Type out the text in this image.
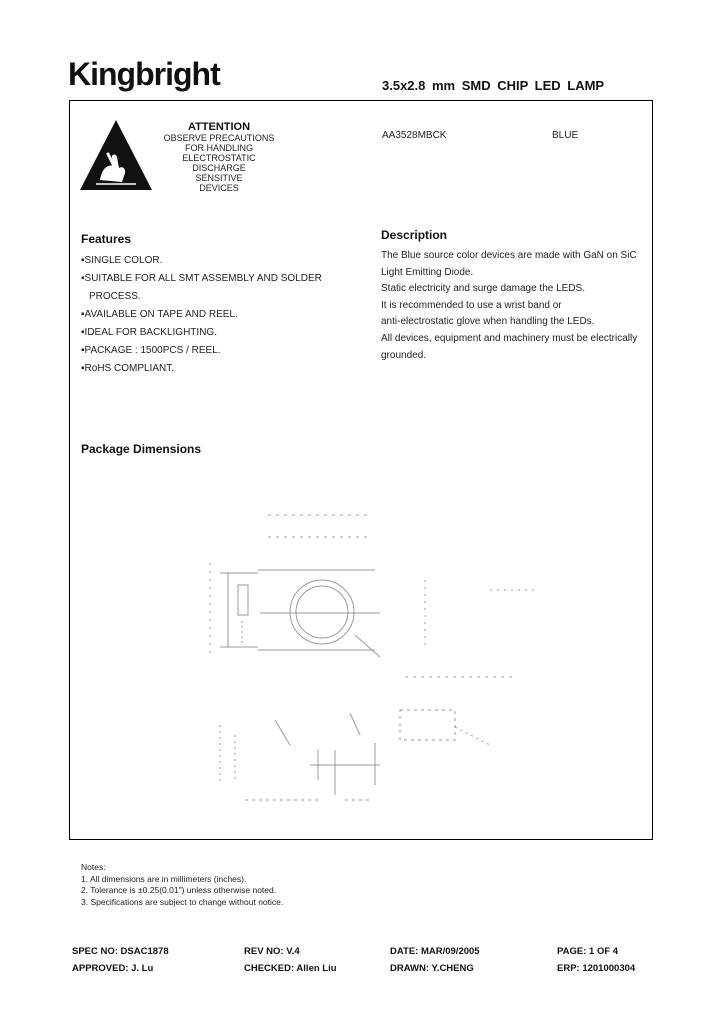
Kingbright	3.5x2.8 mm SMD CHIP LED LAMP
ATTENTION
OBSERVE PRECAUTIONS
FOR HANDLING
ELECTROSTATIC
DISCHARGE
SENSITIVE
DEVICES
AA3528MBCK	BLUE
Features
▪SINGLE COLOR.
▪SUITABLE FOR ALL SMT ASSEMBLY AND SOLDER
PROCESS.
▪AVAILABLE ON TAPE AND REEL.
▪IDEAL FOR BACKLIGHTING.
▪PACKAGE : 1500PCS / REEL.
▪RoHS COMPLIANT.
Description
The Blue source color devices are made with GaN on SiC
Light Emitting Diode.
Static electricity and surge damage the LEDS.
It is recommended to use a wrist band or
anti-electrostatic glove when handling the LEDs.
All devices, equipment and machinery must be electrically
grounded.
Package Dimensions
Notes:
1. All dimensions are in millimeters (inches).
2. Tolerance is ±0.25(0.01") unless otherwise noted.
3. Specifications are subject to change without notice.
SPEC NO: DSAC1878	REV NO: V.4	DATE: MAR/09/2005	PAGE: 1 OF 4
APPROVED: J. Lu	CHECKED: Allen Liu	DRAWN: Y.CHENG	ERP: 1201000304
